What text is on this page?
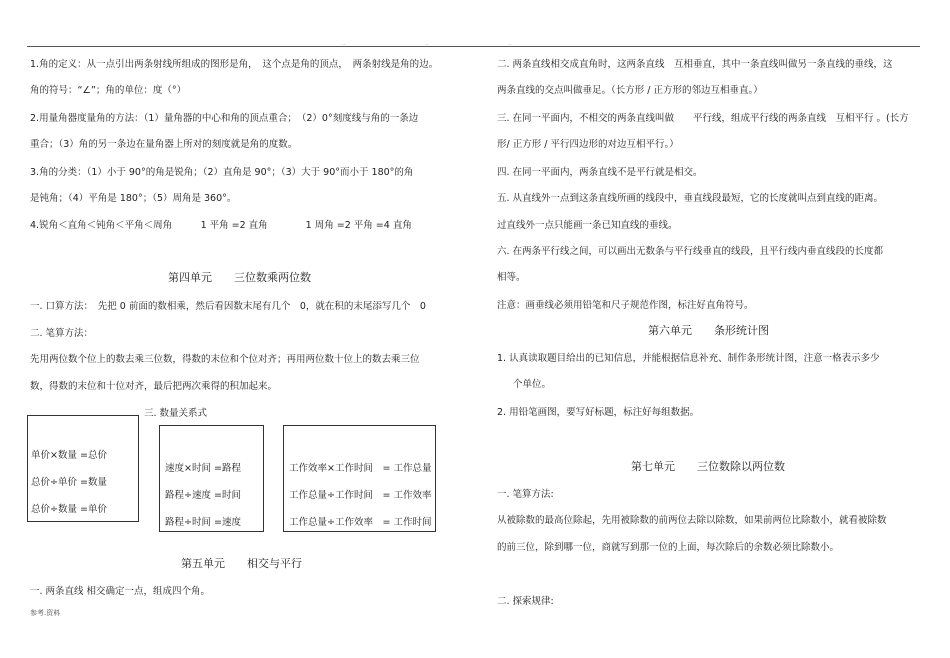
..	..	..
1.角的定义：从一点引出两条射线所组成的图形是角，　这个点是角的顶点，　两条射线是角的边。
角的符号：“∠”；角的单位：度（°）
2.用量角器度量角的方法：（1）量角器的中心和角的顶点重合；　（2）0°刻度线与角的一条边
重合；（3）角的另一条边在量角器上所对的刻度就是角的度数。
3.角的分类：（1）小于 90°的角是锐角；（2）直角是 90°；（3）大于 90°而小于 180°的角
是钝角；（4）平角是 180°；（5）周角是 360°。
4.锐角＜直角＜钝角＜平角＜周角　　　1 平角 =2 直角　　　　1 周角 =2 平角 =4 直角
第四单元　　三位数乘两位数
一. 口算方法：　先把 0 前面的数相乘，然后看因数末尾有几个　0，就在积的末尾添写几个　0
二. 笔算方法：
先用两位数个位上的数去乘三位数，得数的末位和个位对齐；再用两位数十位上的数去乘三位
数，得数的末位和十位对齐，最后把两次乘得的积加起来。
三. 数量关系式
单价×数量 =总价
总价÷单价 =数量
总价÷数量 =单价
速度×时间 =路程
路程÷速度 =时间
路程÷时间 =速度
工作效率×工作时间　= 工作总量
工作总量÷工作时间　= 工作效率
工作总量÷工作效率　= 工作时间
第五单元　　相交与平行
一. 两条直线 相交确定一点，组成四个角。
二. 两条直线相交成直角时，这两条直线　互相垂直，其中一条直线叫做另一条直线的垂线，这
两条直线的交点叫做垂足。（长方形 / 正方形的邻边互相垂直。）
三. 在同一平面内，不相交的两条直线叫做　　平行线，组成平行线的两条直线　互相平行 。(长方
形/ 正方形 / 平行四边形的对边互相平行。）
四. 在同一平面内，两条直线不是平行就是相交。
五. 从直线外一点到这条直线所画的线段中，垂直线段最短，它的长度就叫点到直线的距离。
过直线外一点只能画一条已知直线的垂线。
六. 在两条平行线之间，可以画出无数条与平行线垂直的线段，且平行线内垂直线段的长度都
相等。
注意：画垂线必须用铅笔和尺子规范作图，标注好直角符号。
第六单元　　条形统计图
1. 认真读取题目给出的已知信息，并能根据信息补充、制作条形统计图，注意一格表示多少
个单位。
2. 用铅笔画图，要写好标题，标注好每组数据。
第七单元　　三位数除以两位数
一. 笔算方法:
从被除数的最高位除起，先用被除数的前两位去除以除数，如果前两位比除数小，就看被除数
的前三位，除到哪一位，商就写到那一位的上面，每次除后的余数必须比除数小。
二. 探索规律:
参考.资料
